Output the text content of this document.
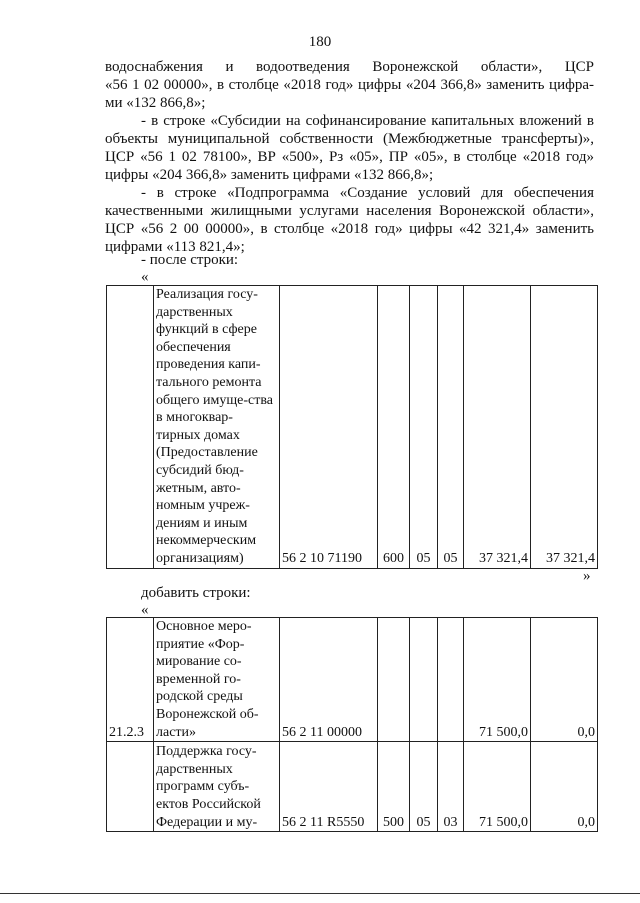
180

водоснабжения и водоотведения Воронежской области», ЦСР

«56 1 02 00000», в столбце «2018 год» цифры «204 366,8» заменить цифра-

ми «132 866,8»;

- в строке «Субсидии на софинансирование капитальных вложений в объекты муниципальной собственности (Межбюджетные трансферты)», ЦСР «56 1 02 78100», ВР «500», Рз «05», ПР «05», в столбце «2018 год» цифры «204 366,8» заменить цифрами «132 866,8»;

- в строке «Подпрограмма «Создание условий для обеспечения качественными жилищными услугами населения Воронежской области», ЦСР «56 2 00 00000», в столбце «2018 год» цифры «42 321,4» заменить цифрами «113 821,4»;

- после строки:
«
	Реализация госу-дарственных функций в сфере обеспечения проведения капи-тального ремонта общего имуще-ства в многоквар-тирных домах (Предоставление субсидий бюд-жетным, авто-номным учреж-дениям и иным некоммерческим организациям)	56 2 10 71190	600	05	05	37 321,4	37 321,4
»
добавить строки:
«
21.2.3	Основное меро-приятие «Фор-мирование со-временной го-родской среды Воронежской об-ласти»	56 2 11 00000				71 500,0	0,0
	Поддержка госу-дарственных программ субъ-ектов Российской Федерации и му-	56 2 11 R5550	500	05	03	71 500,0	0,0
